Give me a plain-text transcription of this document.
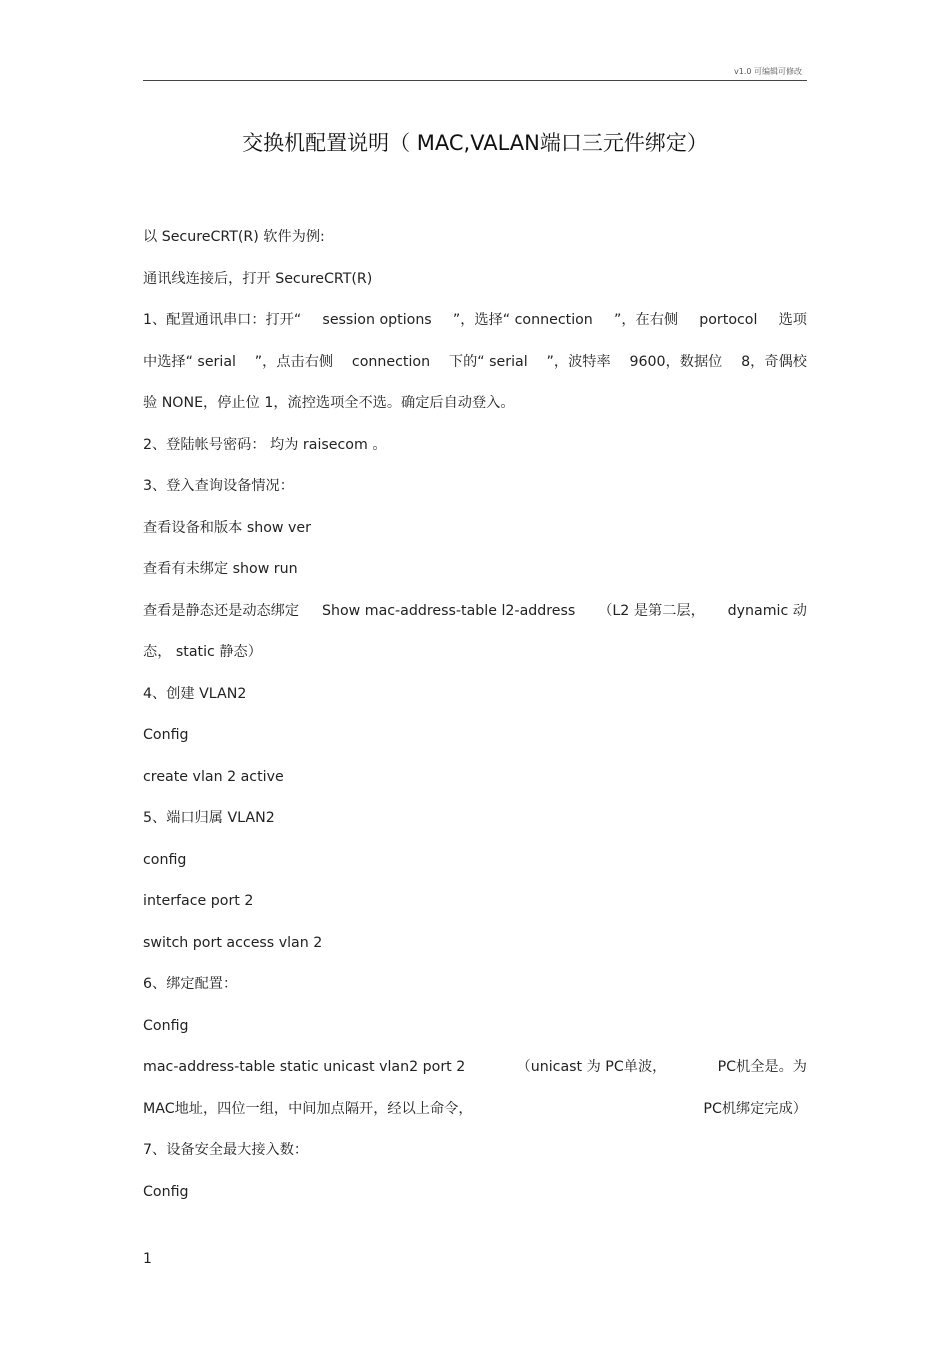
v1.0 可编辑可修改
交换机配置说明（ MAC,VALAN端口三元件绑定）
以 SecureCRT(R) 软件为例:
通讯线连接后，打开 SecureCRT(R)
1、配置通讯串口：打开“ session options ”，选择“ connection ”，在右侧 portocol 选项
中选择“ serial ”，点击右侧 connection 下的“ serial ”，波特率 9600，数据位 8，奇偶校
验 NONE，停止位 1，流控选项全不选。确定后自动登入。
2、登陆帐号密码： 均为 raisecom 。
3、登入查询设备情况：
查看设备和版本 show ver
查看有未绑定 show run
查看是静态还是动态绑定 Show mac-address-table l2-address （L2 是第二层， dynamic 动
态， static 静态）
4、创建 VLAN2
Config
create vlan 2 active
5、端口归属 VLAN2
config
interface port 2
switch port access vlan 2
6、绑定配置：
Config
mac-address-table static unicast vlan2 port 2	（unicast 为 PC单波，	PC机全是。为
MAC地址，四位一组，中间加点隔开，经以上命令，	PC机绑定完成）
7、设备安全最大接入数：
Config
1
